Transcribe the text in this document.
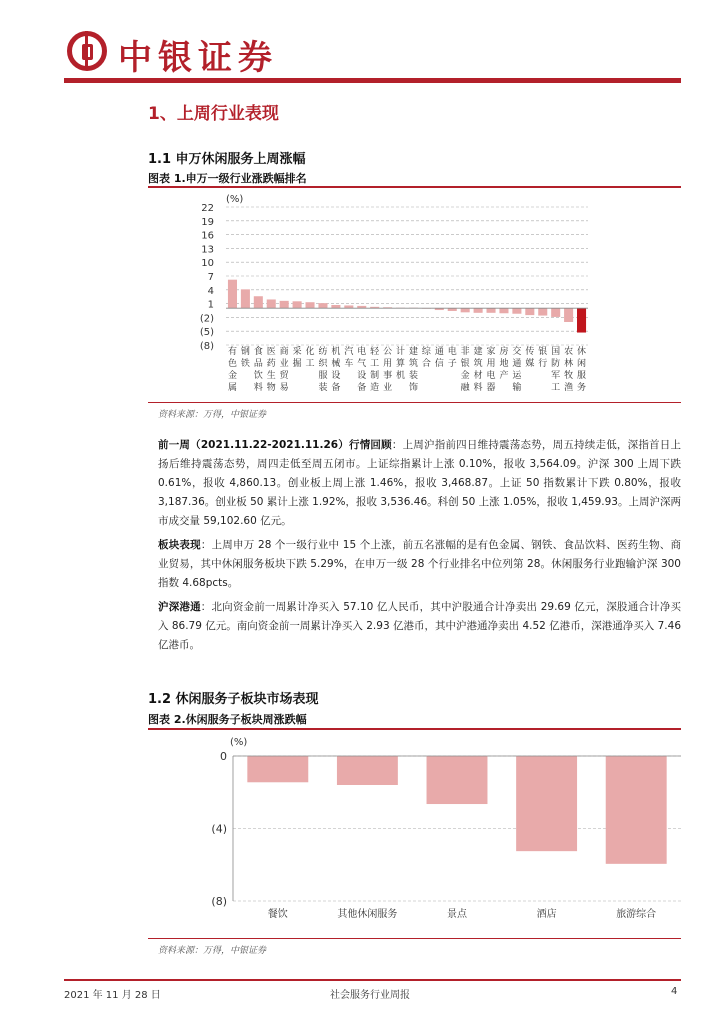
中银证券
1、上周行业表现
1.1 申万休闲服务上周涨幅
图表 1.申万一级行业涨跌幅排名
(%)
22
19
16
13
10
7
4
1
(2)
(5)
(8) 有色金属
钢铁
食品饮料
医药生物
商业贸易
采掘
化工
纺织服装
机械设备
汽车
电气设备
轻工制造
公用事业
计算机
建筑装饰
综合
通信
电子
非银金融
建筑材料
家用电器
房地产
交通运输
传媒
银行
国防军工
农林牧渔
休闲服务
资料来源：万得，中银证券
前一周（2021.11.22-2021.11.26）行情回顾：上周沪指前四日维持震荡态势，周五持续走低，深指首日上扬后维持震荡态势，周四走低至周五闭市。上证综指累计上涨 0.10%，报收 3,564.09。沪深 300 上周下跌 0.61%，报收 4,860.13。创业板上周上涨 1.46%，报收 3,468.87。上证 50 指数累计下跌 0.80%，报收 3,187.36。创业板 50 累计上涨 1.92%，报收 3,536.46。科创 50 上涨 1.05%，报收 1,459.93。上周沪深两市成交量 59,102.60 亿元。
板块表现：上周申万 28 个一级行业中 15 个上涨，前五名涨幅的是有色金属、钢铁、食品饮料、医药生物、商业贸易，其中休闲服务板块下跌 5.29%，在申万一级 28 个行业排名中位列第 28。休闲服务行业跑输沪深 300 指数 4.68pcts。
沪深港通：北向资金前一周累计净买入 57.10 亿人民币，其中沪股通合计净卖出 29.69 亿元，深股通合计净买入 86.79 亿元。南向资金前一周累计净买入 2.93 亿港币，其中沪港通净卖出 4.52 亿港币，深港通净买入 7.46 亿港币。
1.2 休闲服务子板块市场表现
图表 2.休闲服务子板块周涨跌幅
(%)
0
(4)
(8)
餐饮	其他休闲服务	景点	酒店	旅游综合
资料来源：万得，中银证券
2021 年 11 月 28 日	社会服务行业周报	4
